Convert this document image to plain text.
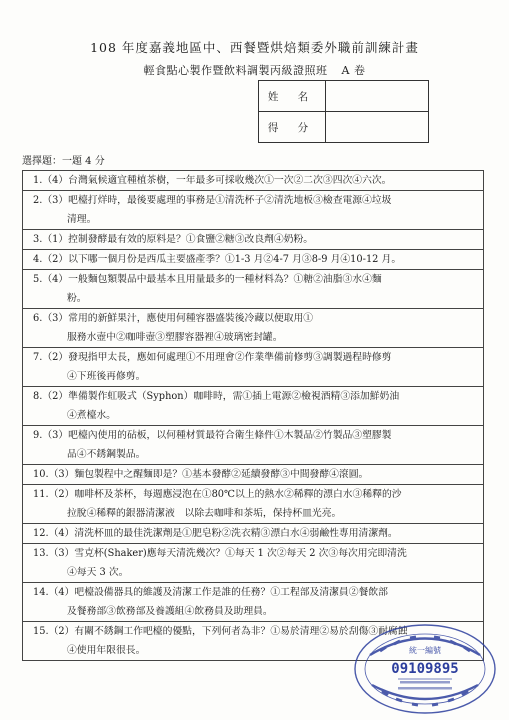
108 年度嘉義地區中、西餐暨烘焙類委外職前訓練計畫
輕食點心製作暨飲料調製丙級證照班 A 卷
姓 名	
得 分	
選擇題：一題 4 分
1.（4）台灣氣候適宜種植茶樹，一年最多可採收幾次①一次②二次③四次④六次。

2.（3）吧檯打烊時，最後要處理的事務是①清洗杯子②清洗地板③檢查電源④垃圾
清理。

3.（1）控制發酵最有效的原料是？①食鹽②糖③改良劑④奶粉。

4.（2）以下哪一個月份是西瓜主要盛產季？①1-3 月②4-7 月③8-9 月④10-12 月。

5.（4）一般麵包類製品中最基本且用量最多的一種材料為？①糖②油脂③水④麵
粉。

6.（3）常用的新鮮果汁，應使用何種容器盛裝後冷藏以便取用①
服務水壺中②咖啡壺③塑膠容器裡④玻璃密封罐。

7.（2）發現指甲太長，應如何處理①不用理會②作業準備前修剪③調製過程時修剪
④下班後再修剪。

8.（2）準備製作虹吸式（Syphon）咖啡時，需①插上電源②檢視酒精③添加鮮奶油
④煮檯水。

9.（3）吧檯內使用的砧板，以何種材質最符合衛生條件①木製品②竹製品③塑膠製
品④不銹鋼製品。

10.（3）麵包製程中之醒麵即是？①基本發酵②延續發酵③中間發酵④滾圓。

11.（2）咖啡杯及茶杯，每週應浸泡在①80℃以上的熱水②稀釋的漂白水③稀釋的沙
拉脫④稀釋的銀器清潔液　以除去咖啡和茶垢，保持杯皿光亮。

12.（4）清洗杯皿的最佳洗潔劑是①肥皂粉②洗衣精③漂白水④弱鹼性專用清潔劑。

13.（3）雪克杯(Shaker)應每天清洗幾次？①每天 1 次②每天 2 次③每次用完即清洗
④每天 3 次。

14.（4）吧檯設備器具的維護及清潔工作是誰的任務？①工程部及清潔員②餐飲部
及餐務部③飲務部及養護組④飲務員及助理員。

15.（2）有關不銹鋼工作吧檯的優點，下列何者為非？①易於清理②易於刮傷③耐腐蝕
④使用年限很長。	統一編號
09109895
